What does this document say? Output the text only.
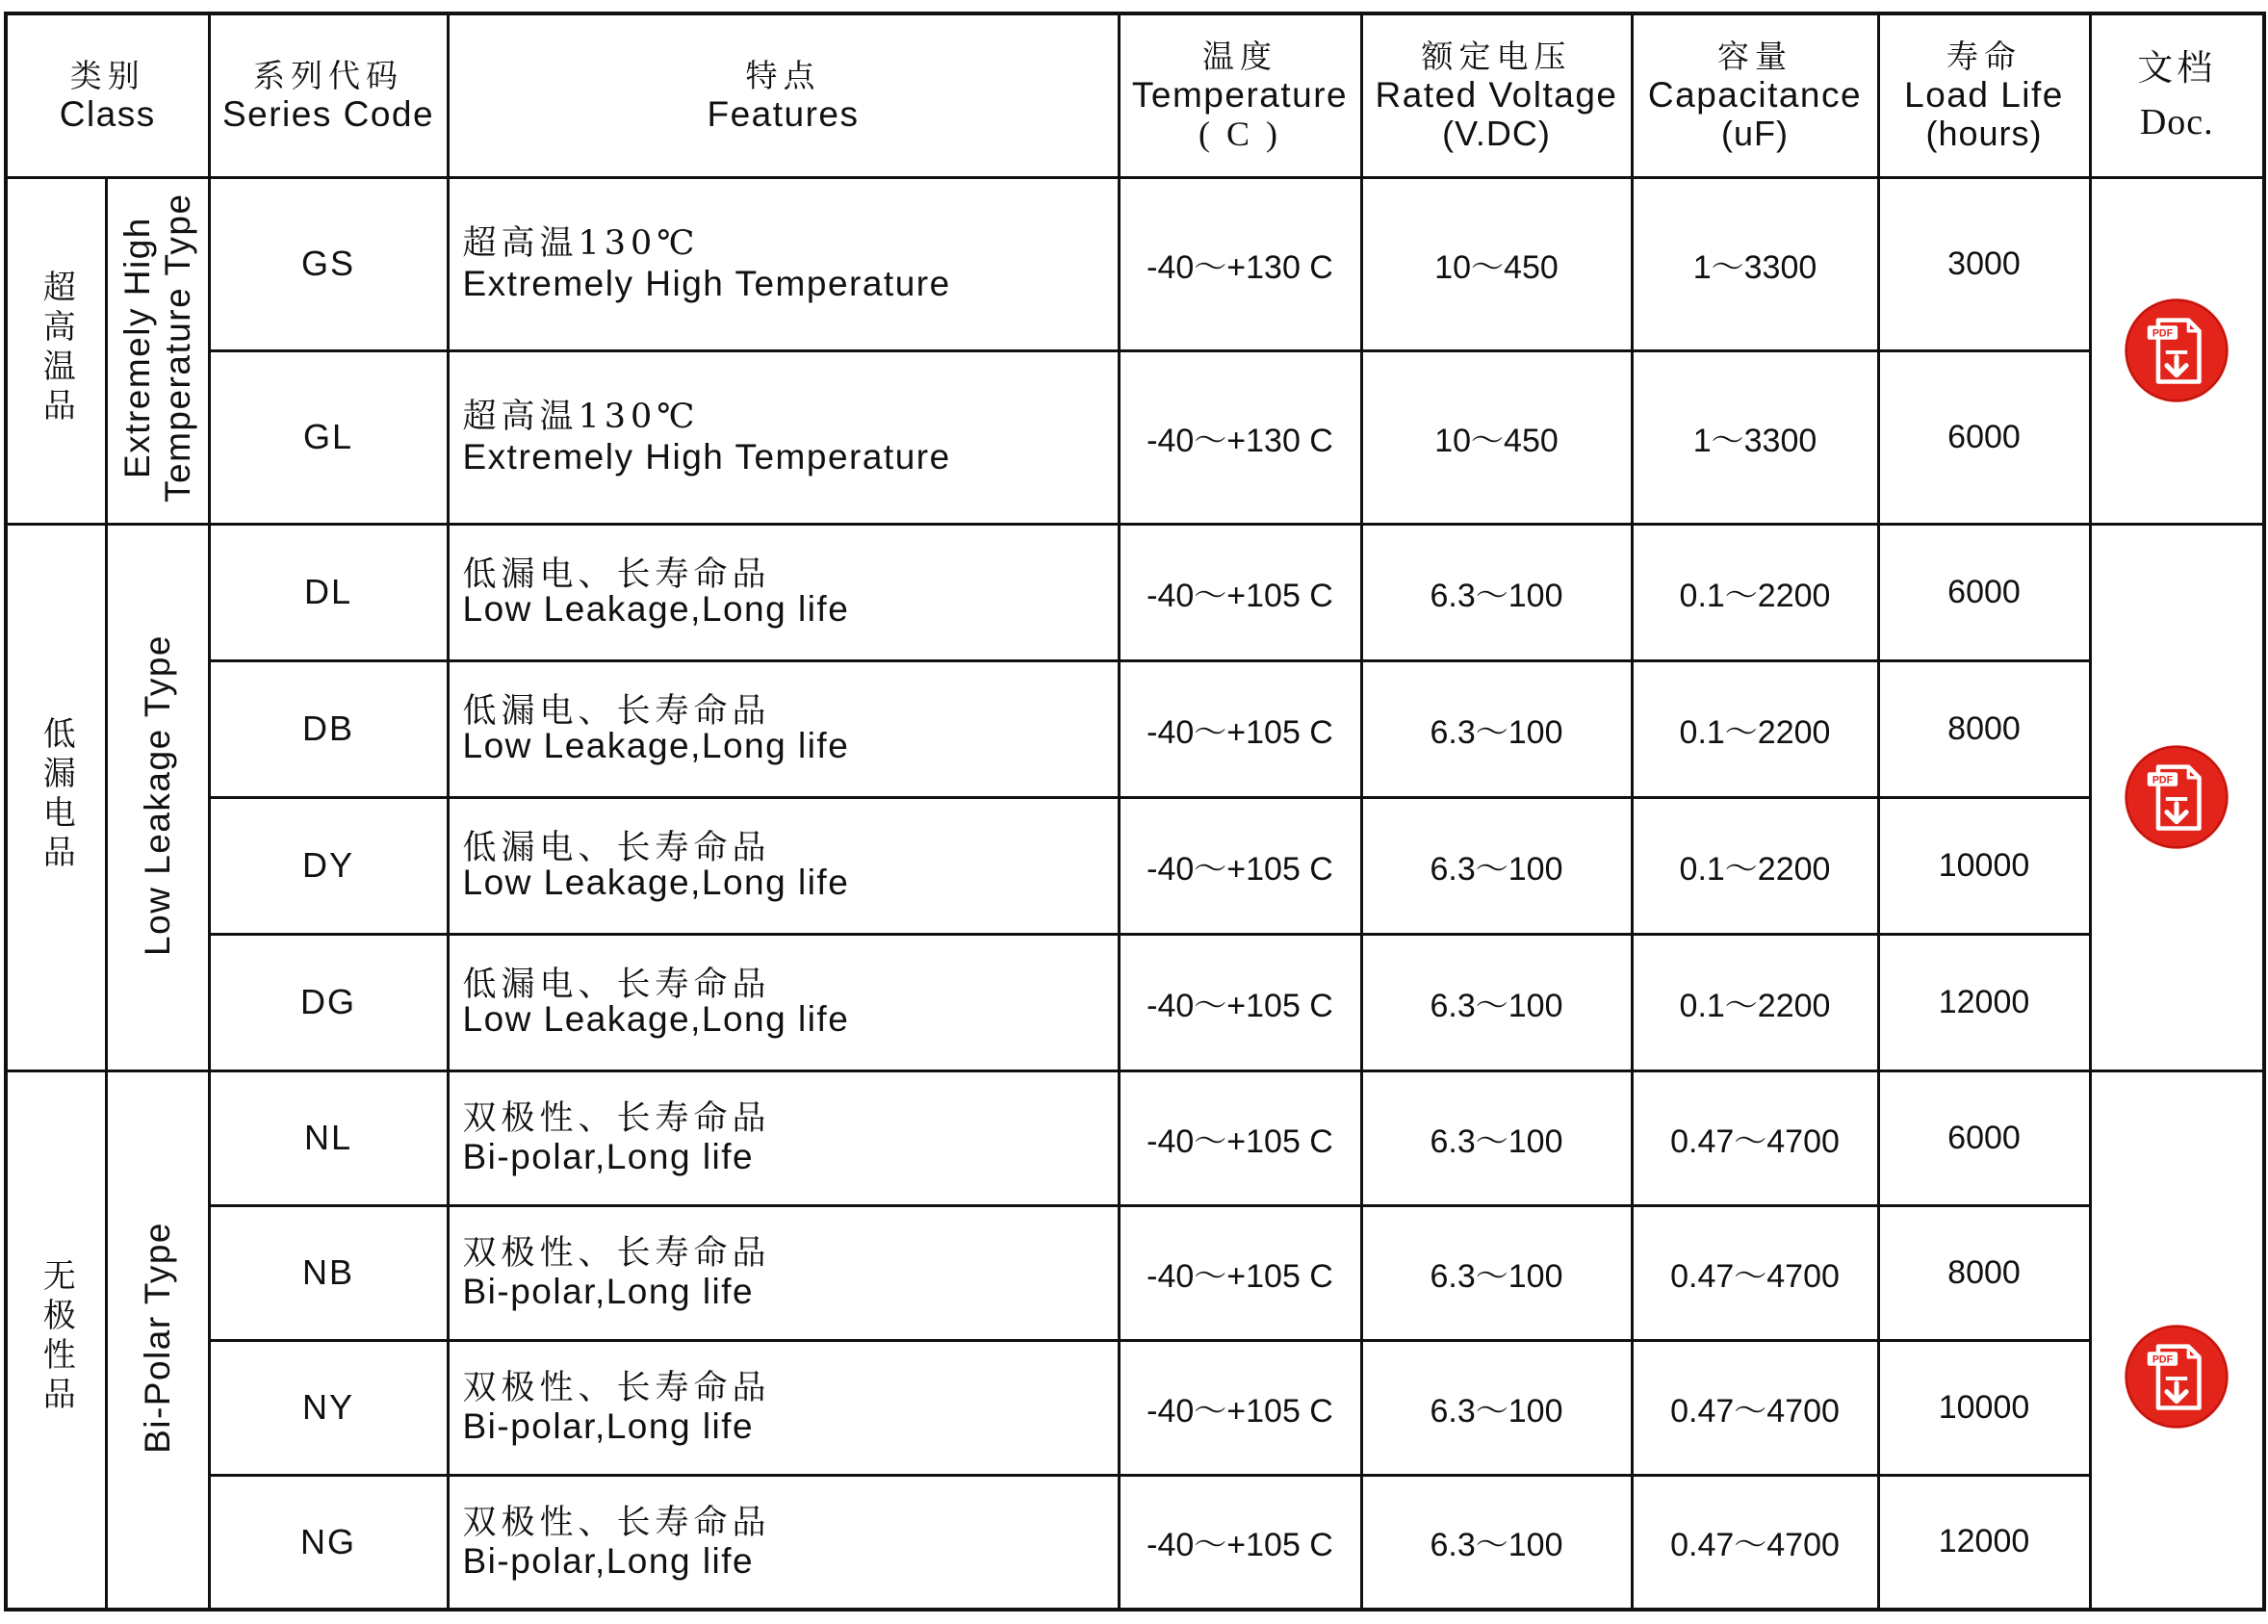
类别
Class		系列代码
Series Code	特点
Features	温度
Temperature
( C )	额定电压
Rated Voltage
(V.DC)	容量
Capacitance
(uF)	寿命
Load Life
(hours)	文档
Doc.

超高温品	Extremely High Temperature Type	GS	超高温130℃
Extremely High Temperature	-40～+130 C	10～450	1～3300	3000	PDF

		GL	超高温130℃
Extremely High Temperature	-40～+130 C	10～450	1～3300	6000	
低漏电品	Low Leakage Type	DL	低漏电、长寿命品
Low Leakage,Long life	-40～+105 C	6.3～100	0.1～2200	6000	PDF

		DB	低漏电、长寿命品
Low Leakage,Long life	-40～+105 C	6.3～100	0.1～2200	8000	
		DY	低漏电、长寿命品
Low Leakage,Long life	-40～+105 C	6.3～100	0.1～2200	10000	
		DG	低漏电、长寿命品
Low Leakage,Long life	-40～+105 C	6.3～100	0.1～2200	12000	
无极性品	Bi-Polar Type	NL	双极性、长寿命品
Bi-polar,Long life	-40～+105 C	6.3～100	0.47～4700	6000	PDF

		NB	双极性、长寿命品
Bi-polar,Long life	-40～+105 C	6.3～100	0.47～4700	8000	
		NY	双极性、长寿命品
Bi-polar,Long life	-40～+105 C	6.3～100	0.47～4700	10000	
		NG	双极性、长寿命品
Bi-polar,Long life	-40～+105 C	6.3～100	0.47～4700	12000	
